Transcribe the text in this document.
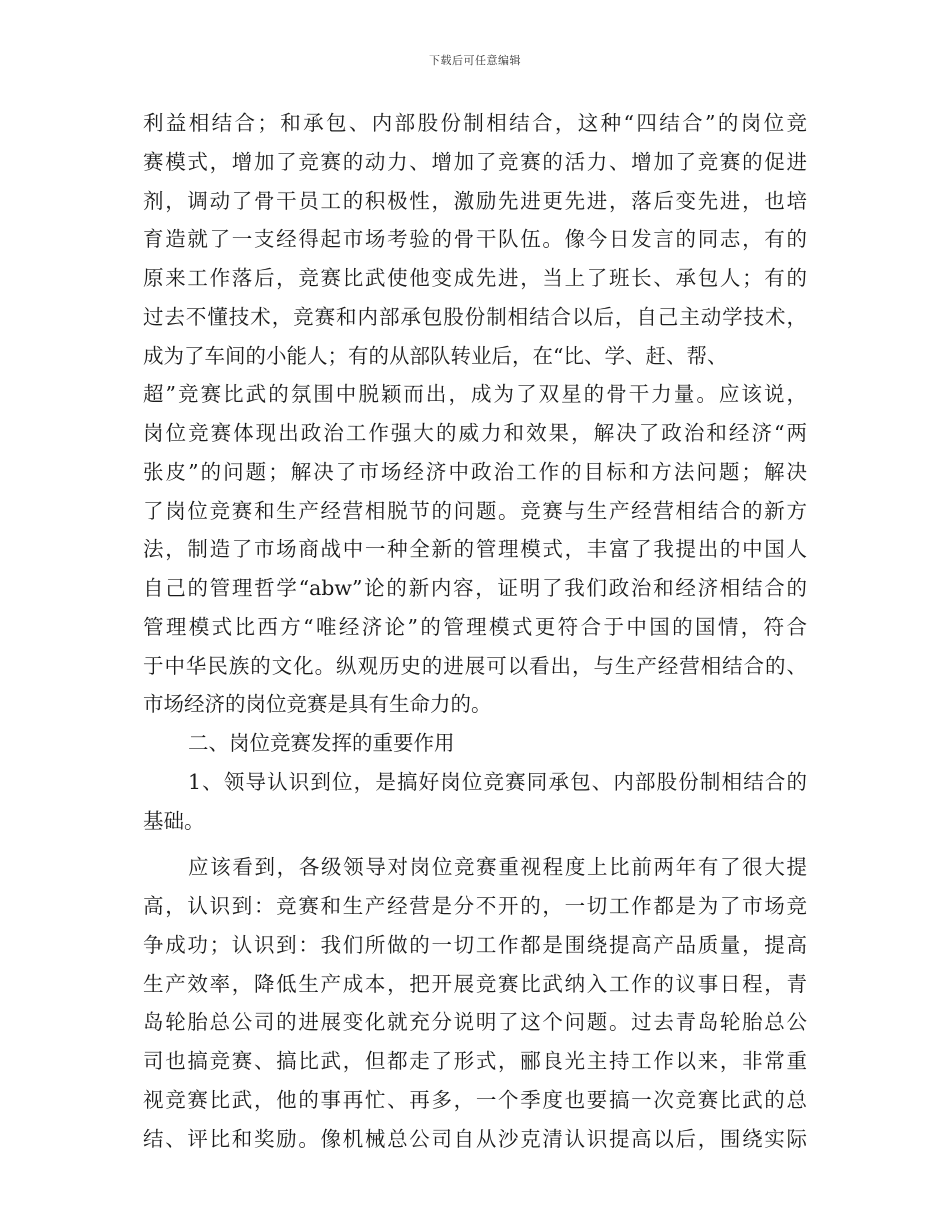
下载后可任意编辑
利益相结合；和承包、内部股份制相结合，这种“四结合”的岗位竞
赛模式，增加了竞赛的动力、增加了竞赛的活力、增加了竞赛的促进
剂，调动了骨干员工的积极性，激励先进更先进，落后变先进，也培
育造就了一支经得起市场考验的骨干队伍。像今日发言的同志，有的
原来工作落后，竞赛比武使他变成先进，当上了班长、承包人；有的
过去不懂技术，竞赛和内部承包股份制相结合以后，自己主动学技术，
成为了车间的小能人；有的从部队转业后，在“比、学、赶、帮、
超”竞赛比武的氛围中脱颖而出，成为了双星的骨干力量。应该说，
岗位竞赛体现出政治工作强大的威力和效果，解决了政治和经济“两
张皮”的问题；解决了市场经济中政治工作的目标和方法问题；解决
了岗位竞赛和生产经营相脱节的问题。竞赛与生产经营相结合的新方
法，制造了市场商战中一种全新的管理模式，丰富了我提出的中国人
自己的管理哲学“abw”论的新内容，证明了我们政治和经济相结合的
管理模式比西方“唯经济论”的管理模式更符合于中国的国情，符合
于中华民族的文化。纵观历史的进展可以看出，与生产经营相结合的、
市场经济的岗位竞赛是具有生命力的。
二、岗位竞赛发挥的重要作用
1、领导认识到位，是搞好岗位竞赛同承包、内部股份制相结合的
基础。
应该看到，各级领导对岗位竞赛重视程度上比前两年有了很大提
高，认识到：竞赛和生产经营是分不开的，一切工作都是为了市场竞
争成功；认识到：我们所做的一切工作都是围绕提高产品质量，提高
生产效率，降低生产成本，把开展竞赛比武纳入工作的议事日程，青
岛轮胎总公司的进展变化就充分说明了这个问题。过去青岛轮胎总公
司也搞竞赛、搞比武，但都走了形式，郦良光主持工作以来，非常重
视竞赛比武，他的事再忙、再多，一个季度也要搞一次竞赛比武的总
结、评比和奖励。像机械总公司自从沙克清认识提高以后，围绕实际
